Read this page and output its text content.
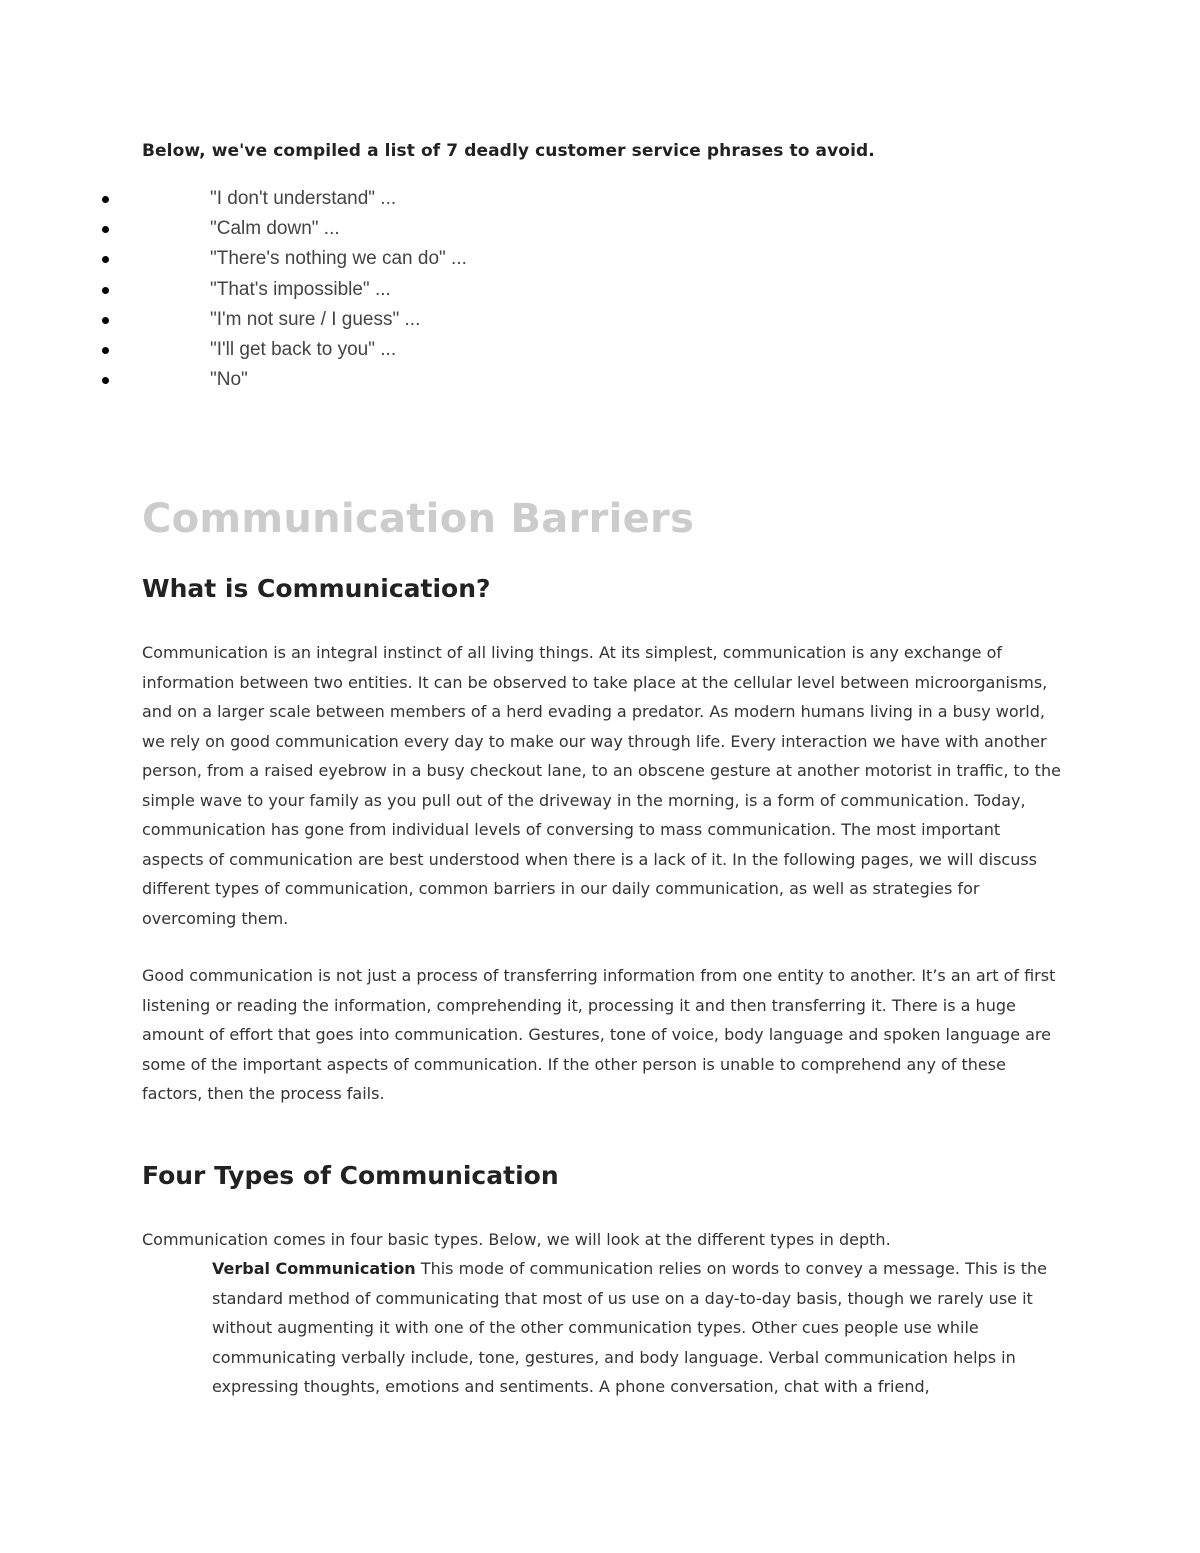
Below, we've compiled a list of 7 deadly customer service phrases to avoid.

"I don't understand" ...
"Calm down" ...
"There's nothing we can do" ...
"That's impossible" ...
"I'm not sure / I guess" ...
"I'll get back to you" ...
"No"
Communication Barriers
What is Communication?

Communication is an integral instinct of all living things. At its simplest, communication is any exchange of information between two entities. It can be observed to take place at the cellular level between microorganisms, and on a larger scale between members of a herd evading a predator. As modern humans living in a busy world, we rely on good communication every day to make our way through life. Every interaction we have with another person, from a raised eyebrow in a busy checkout lane, to an obscene gesture at another motorist in traffic, to the simple wave to your family as you pull out of the driveway in the morning, is a form of communication. Today, communication has gone from individual levels of conversing to mass communication. The most important aspects of communication are best understood when there is a lack of it. In the following pages, we will discuss different types of communication, common barriers in our daily communication, as well as strategies for overcoming them.

Good communication is not just a process of transferring information from one entity to another. It’s an art of first listening or reading the information, comprehending it, processing it and then transferring it. There is a huge amount of effort that goes into communication. Gestures, tone of voice, body language and spoken language are some of the important aspects of communication. If the other person is unable to comprehend any of these factors, then the process fails.

Four Types of Communication

Communication comes in four basic types. Below, we will look at the different types in depth.

Verbal Communication This mode of communication relies on words to convey a message. This is the standard method of communicating that most of us use on a day-to-day basis, though we rarely use it without augmenting it with one of the other communication types. Other cues people use while communicating verbally include, tone, gestures, and body language. Verbal communication helps in expressing thoughts, emotions and sentiments. A phone conversation, chat with a friend,
